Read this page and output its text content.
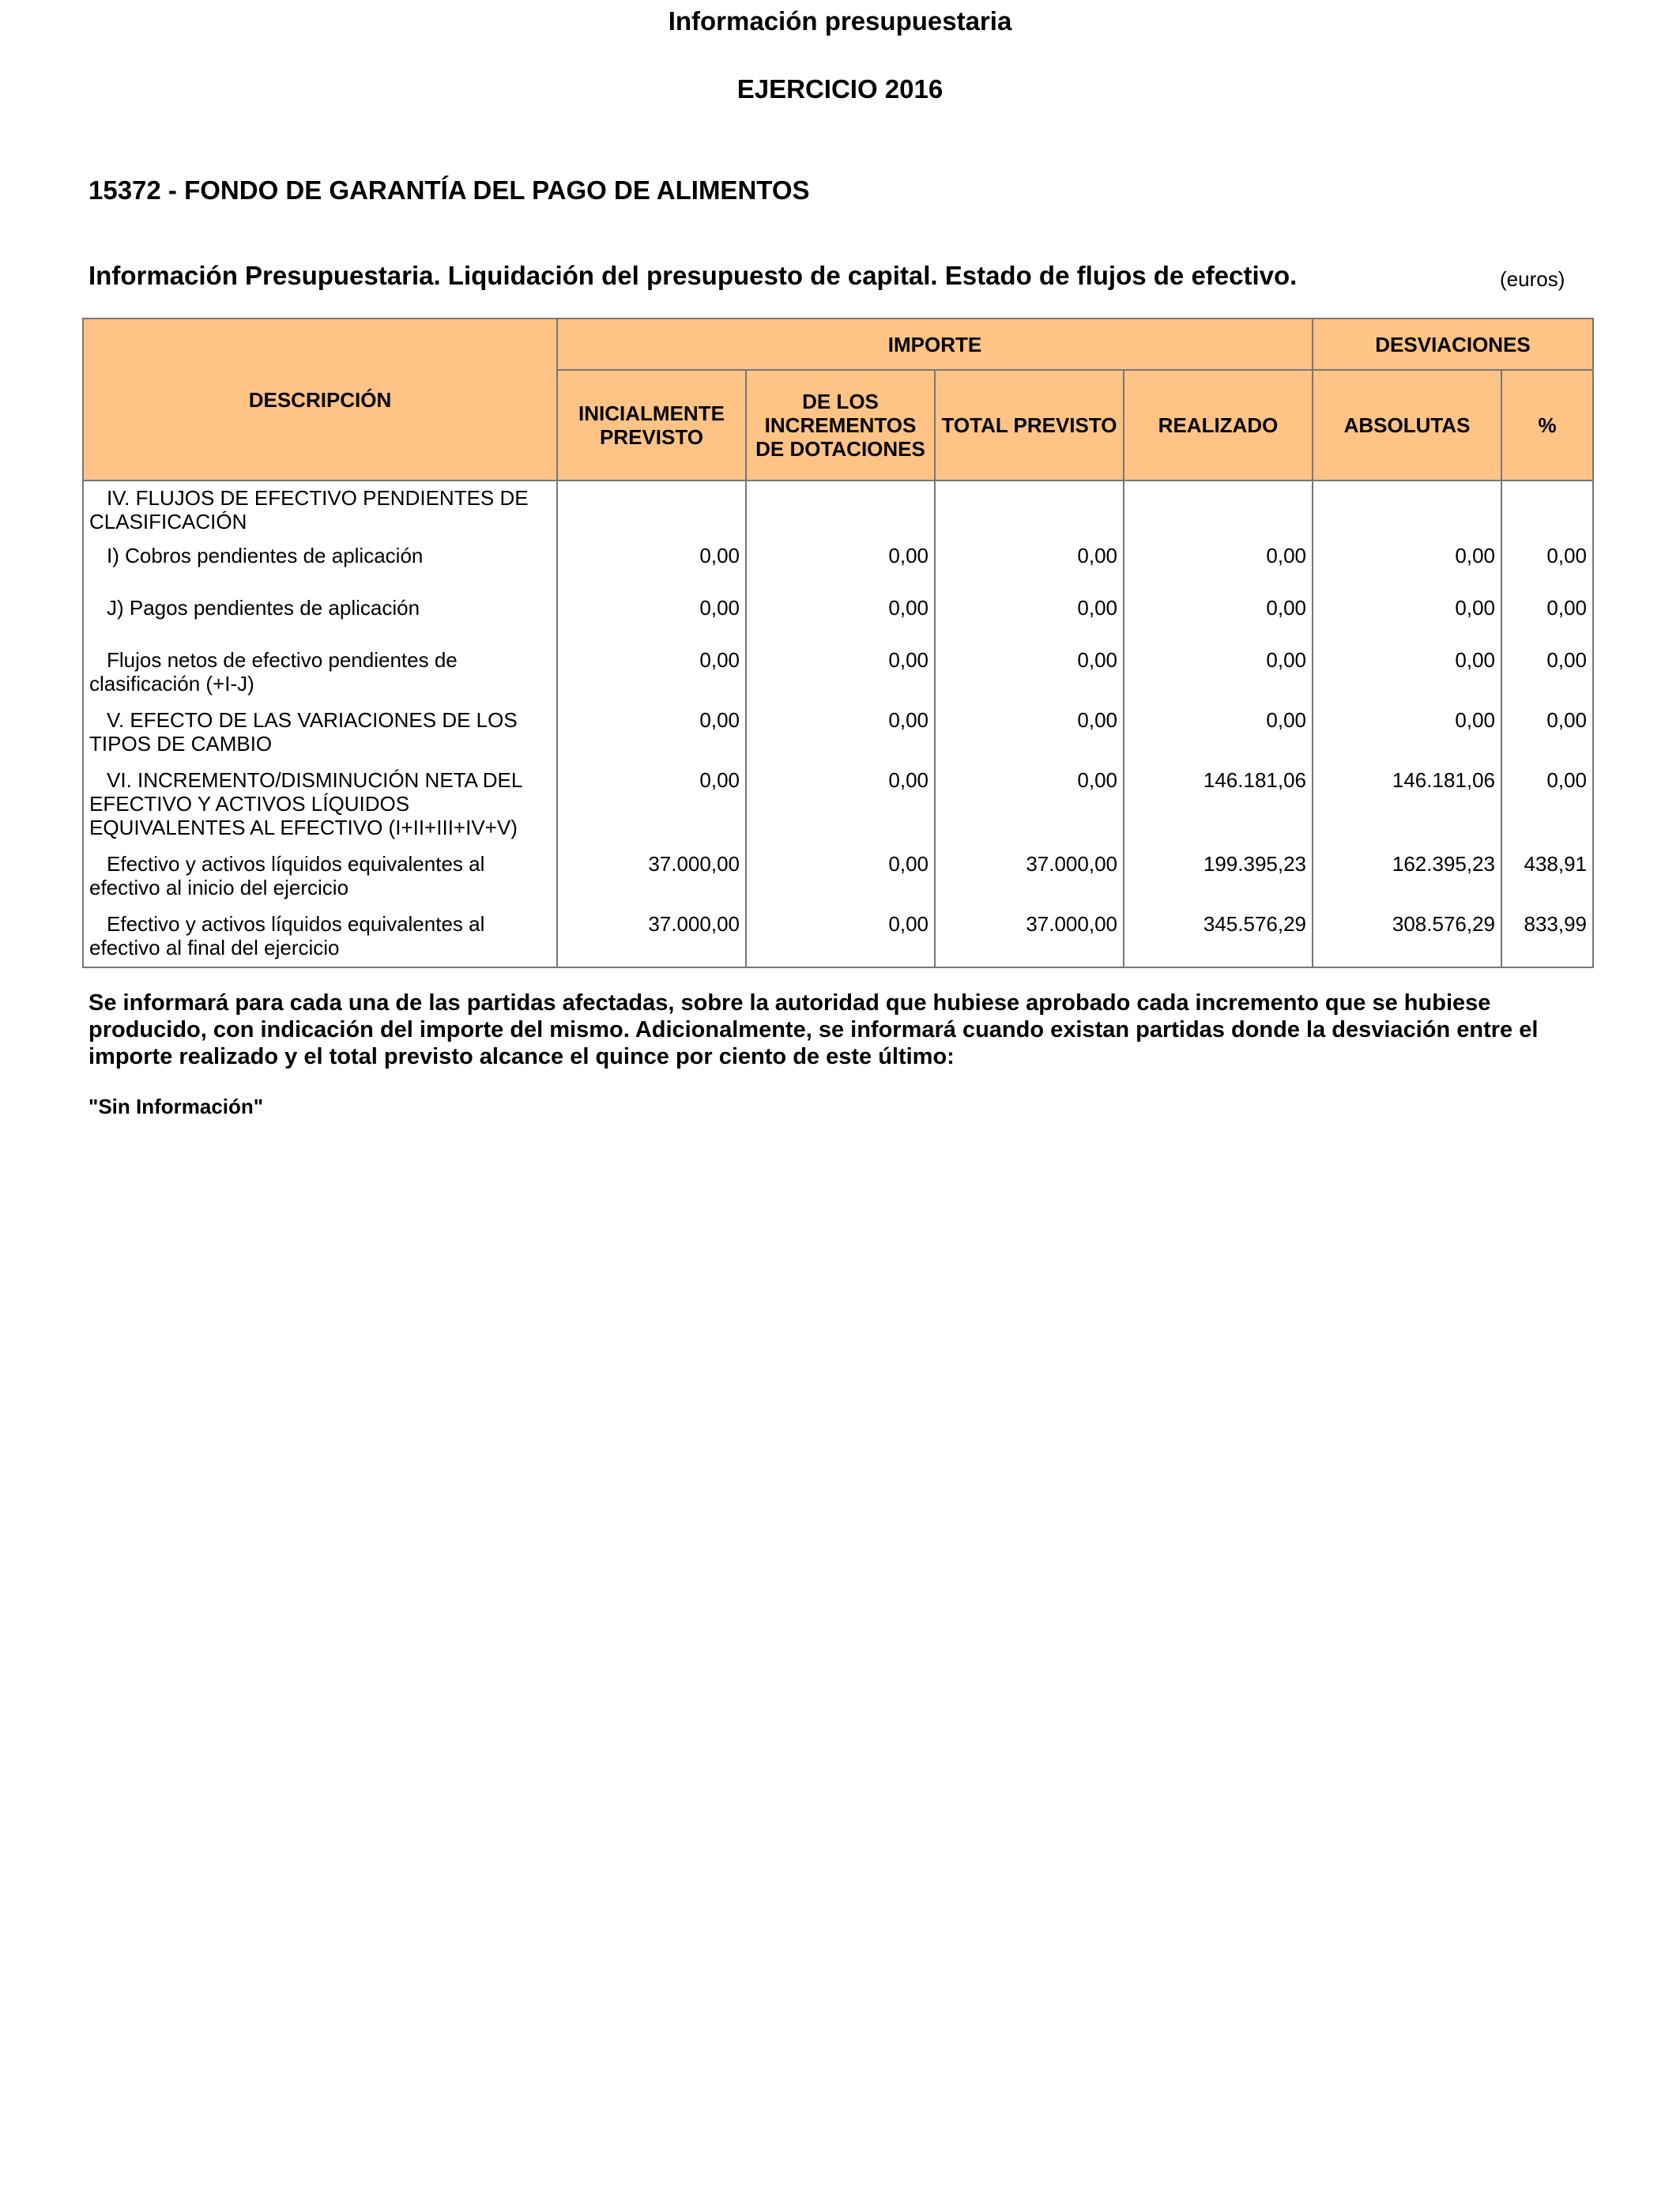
Información presupuestaria
EJERCICIO 2016
15372 - FONDO DE GARANTÍA DEL PAGO DE ALIMENTOS
Información Presupuestaria. Liquidación del presupuesto de capital. Estado de flujos de efectivo.	(euros)
DESCRIPCIÓN	IMPORTE				DESVIACIONES	
	INICIALMENTE PREVISTO	DE LOS INCREMENTOS DE DOTACIONES	TOTAL PREVISTO	REALIZADO	ABSOLUTAS	%
IV. FLUJOS DE EFECTIVO PENDIENTES DE CLASIFICACIÓN						
I) Cobros pendientes de aplicación	0,00	0,00	0,00	0,00	0,00	0,00
J) Pagos pendientes de aplicación	0,00	0,00	0,00	0,00	0,00	0,00
Flujos netos de efectivo pendientes de clasificación (+I-J)	0,00	0,00	0,00	0,00	0,00	0,00
V. EFECTO DE LAS VARIACIONES DE LOS TIPOS DE CAMBIO	0,00	0,00	0,00	0,00	0,00	0,00
VI. INCREMENTO/DISMINUCIÓN NETA DEL EFECTIVO Y ACTIVOS LÍQUIDOS EQUIVALENTES AL EFECTIVO (I+II+III+IV+V)	0,00	0,00	0,00	146.181,06	146.181,06	0,00
Efectivo y activos líquidos equivalentes al efectivo al inicio del ejercicio	37.000,00	0,00	37.000,00	199.395,23	162.395,23	438,91
Efectivo y activos líquidos equivalentes al efectivo al final del ejercicio	37.000,00	0,00	37.000,00	345.576,29	308.576,29	833,99
Se informará para cada una de las partidas afectadas, sobre la autoridad que hubiese aprobado cada incremento que se hubiese producido, con indicación del importe del mismo. Adicionalmente, se informará cuando existan partidas donde la desviación entre el importe realizado y el total previsto alcance el quince por ciento de este último:
"Sin Información"
